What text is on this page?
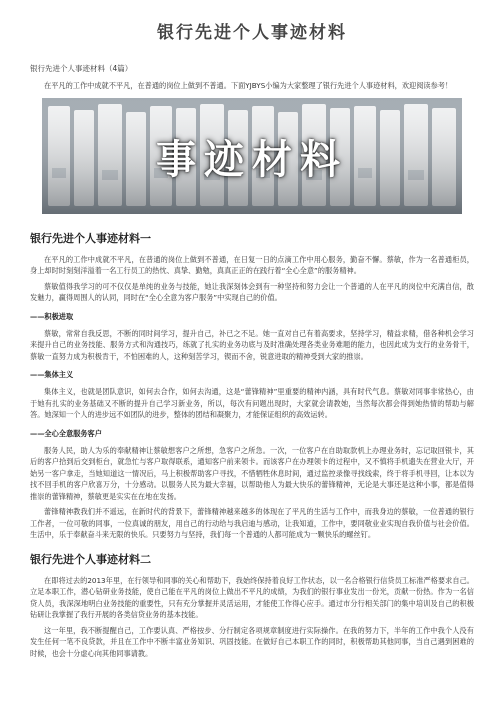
银行先进个人事迹材料
银行先进个人事迹材料（4篇）

在平凡的工作中成就不平凡，在普通的岗位上做到不普通。下面YJBYS小编为大家整理了银行先进个人事迹材料，欢迎阅读参考！

事迹材料
银行先进个人事迹材料一

在平凡的工作中成就不平凡，在普通的岗位上做到不普通，在日复一日的点滴工作中用心服务，勤奋不懈。蔡敏，作为一名普通柜员，身上却时时刻刻洋溢着一名工行员工的热忱、真挚、勤勉，真真正正的在践行着“全心全意”的服务精神。

蔡敏值得我学习的可不仅仅是单纯的业务与技能，她让我深刻体会到有一种坚持和努力会让一个普通的人在平凡的岗位中充满自信，散发魅力，赢得周围人的认同，同时在“全心全意为客户服务”中实现自己的价值。

——积极进取

蔡敏，常常自我反思，不断的同时间学习，提升自己，补已之不足。她一直对自己有着高要求，坚持学习，精益求精，借各种机会学习来提升自己的业务技能、服务方式和沟通技巧，练就了扎实的业务功底与及时准确处理各类业务难题的能力，也因此成为支行的业务骨干，蔡敏一直努力成为积极肯干，不怕困难的人，这种刻苦学习，锲而不舍，锐意进取的精神受到大家的推崇。

——集体主义

集体主义，也就是团队意识，如何去合作，如何去沟通，这是“蕾锋精神”里重要的精神内涵，具有时代气息。蔡敏对同事非常热心，由于她有扎实的业务基础又不断的提升自己学习新业务，所以，每次有问题出现时，大家就会请教她，当然每次都会得到她热情的帮助与解答。她深知一个人的进步远不如团队的进步，整体的团结和凝聚力，才能保证组织的高效运转。

——全心全意服务客户

服务人民，助人为乐的奉献精神让蔡敏想客户之所想，急客户之所急。一次，一位客户在自助取款机上办理业务时，忘记取回银卡，其后的客户拾到后交到柜台，就急忙与客户取得联系，通知客户前来领卡。而该客户在办理领卡的过程中，又不慎将手机遗失在营业大厅，开始另一客户拿走，当她知道这一情况后，马上积极帮助客户寻找，不惜牺牲休息时间，通过监控录像寻找线索，终于将手机寻回，让本以为找不回手机的客户欣喜万分，十分感动。以服务人民为最大幸福，以帮助他人为最大快乐的蕾锋精神，无论是大事还是这种小事，都是值得推崇的蕾锋精神，蔡敏更是实实在在地在发扬。

蕾锋精神教我们并不遥远，在新时代的背景下，蕾锋精神越来越多的体现在了平凡的生活与工作中，而我身边的蔡敏，一位普通的银行工作者，一位可敬的同事，一位真诚的朋友，用自己的行动给与我启迪与感动，让我知道，工作中，要同敬业业实现自我价值与社会价值。生活中，乐于奉献奋斗来无限的快乐。只要努力与坚持，我们每一个普通的人都可能成为一颗快乐的螺丝钉。

银行先进个人事迹材料二

在即将过去的2013年里，在行领导和同事的关心和帮助下，我始终保持着良好工作状态，以一名合格银行信贷员工标准严格要求自己。立足本职工作，潜心钻研业务技能，使自己能在平凡的岗位上做出不平凡的成绩，为我们的银行事业发出一份光，贡献一份热。作为一名信贷人员，我深深地明白业务技能的重要性，只有充分掌握并灵活运用，才能使工作得心应手。通过市分行相关部门的集中培训及自己的积极钻研让我掌握了我行开展的各类信贷业务的基本技能。

这一年里，我不断提醒自己，工作要认真、严格按步、分行制定各项规章制度进行实际操作。在我的努力下，半年的工作中我个人没有发生任何一笔不良贷款，并且在工作中不断丰富业务知识、巩固技能。在做好自己本职工作的同时，积极帮助其他同事，当自己遇到困难的时候，也会十分虚心向其他同事请教。
